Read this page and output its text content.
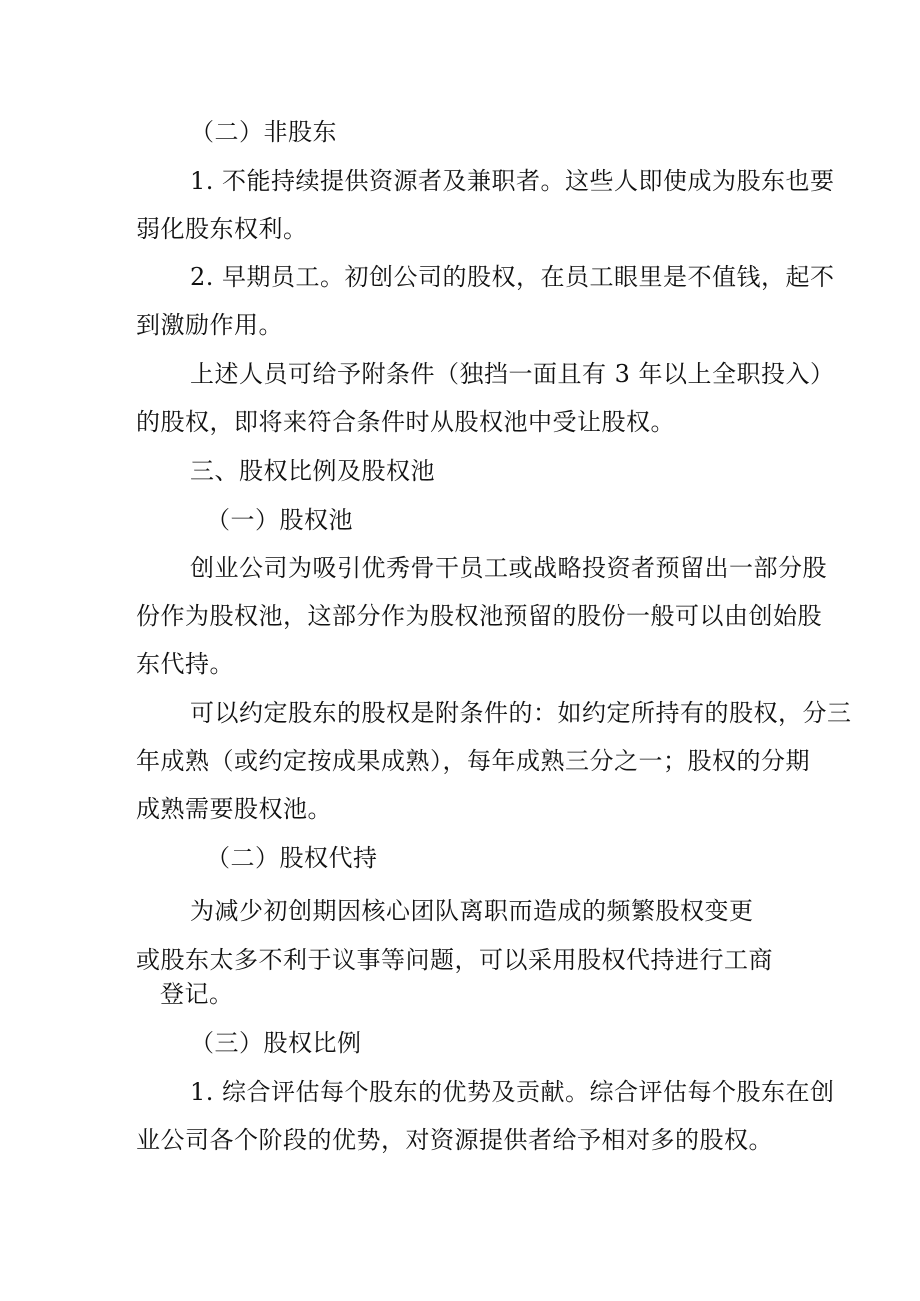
（二）非股东
1. 不能持续提供资源者及兼职者。这些人即使成为股东也要
弱化股东权利。
2. 早期员工。初创公司的股权，在员工眼里是不值钱，起不
到激励作用。
上述人员可给予附条件（独挡一面且有 3 年以上全职投入）
的股权，即将来符合条件时从股权池中受让股权。
三、股权比例及股权池
（一）股权池
创业公司为吸引优秀骨干员工或战略投资者预留出一部分股
份作为股权池，这部分作为股权池预留的股份一般可以由创始股
东代持。
可以约定股东的股权是附条件的：如约定所持有的股权，分三
年成熟（或约定按成果成熟），每年成熟三分之一；股权的分期
成熟需要股权池。
（二）股权代持
为减少初创期因核心团队离职而造成的频繁股权变更
或股东太多不利于议事等问题，可以采用股权代持进行工商
登记。
（三）股权比例
1. 综合评估每个股东的优势及贡献。综合评估每个股东在创
业公司各个阶段的优势，对资源提供者给予相对多的股权。
